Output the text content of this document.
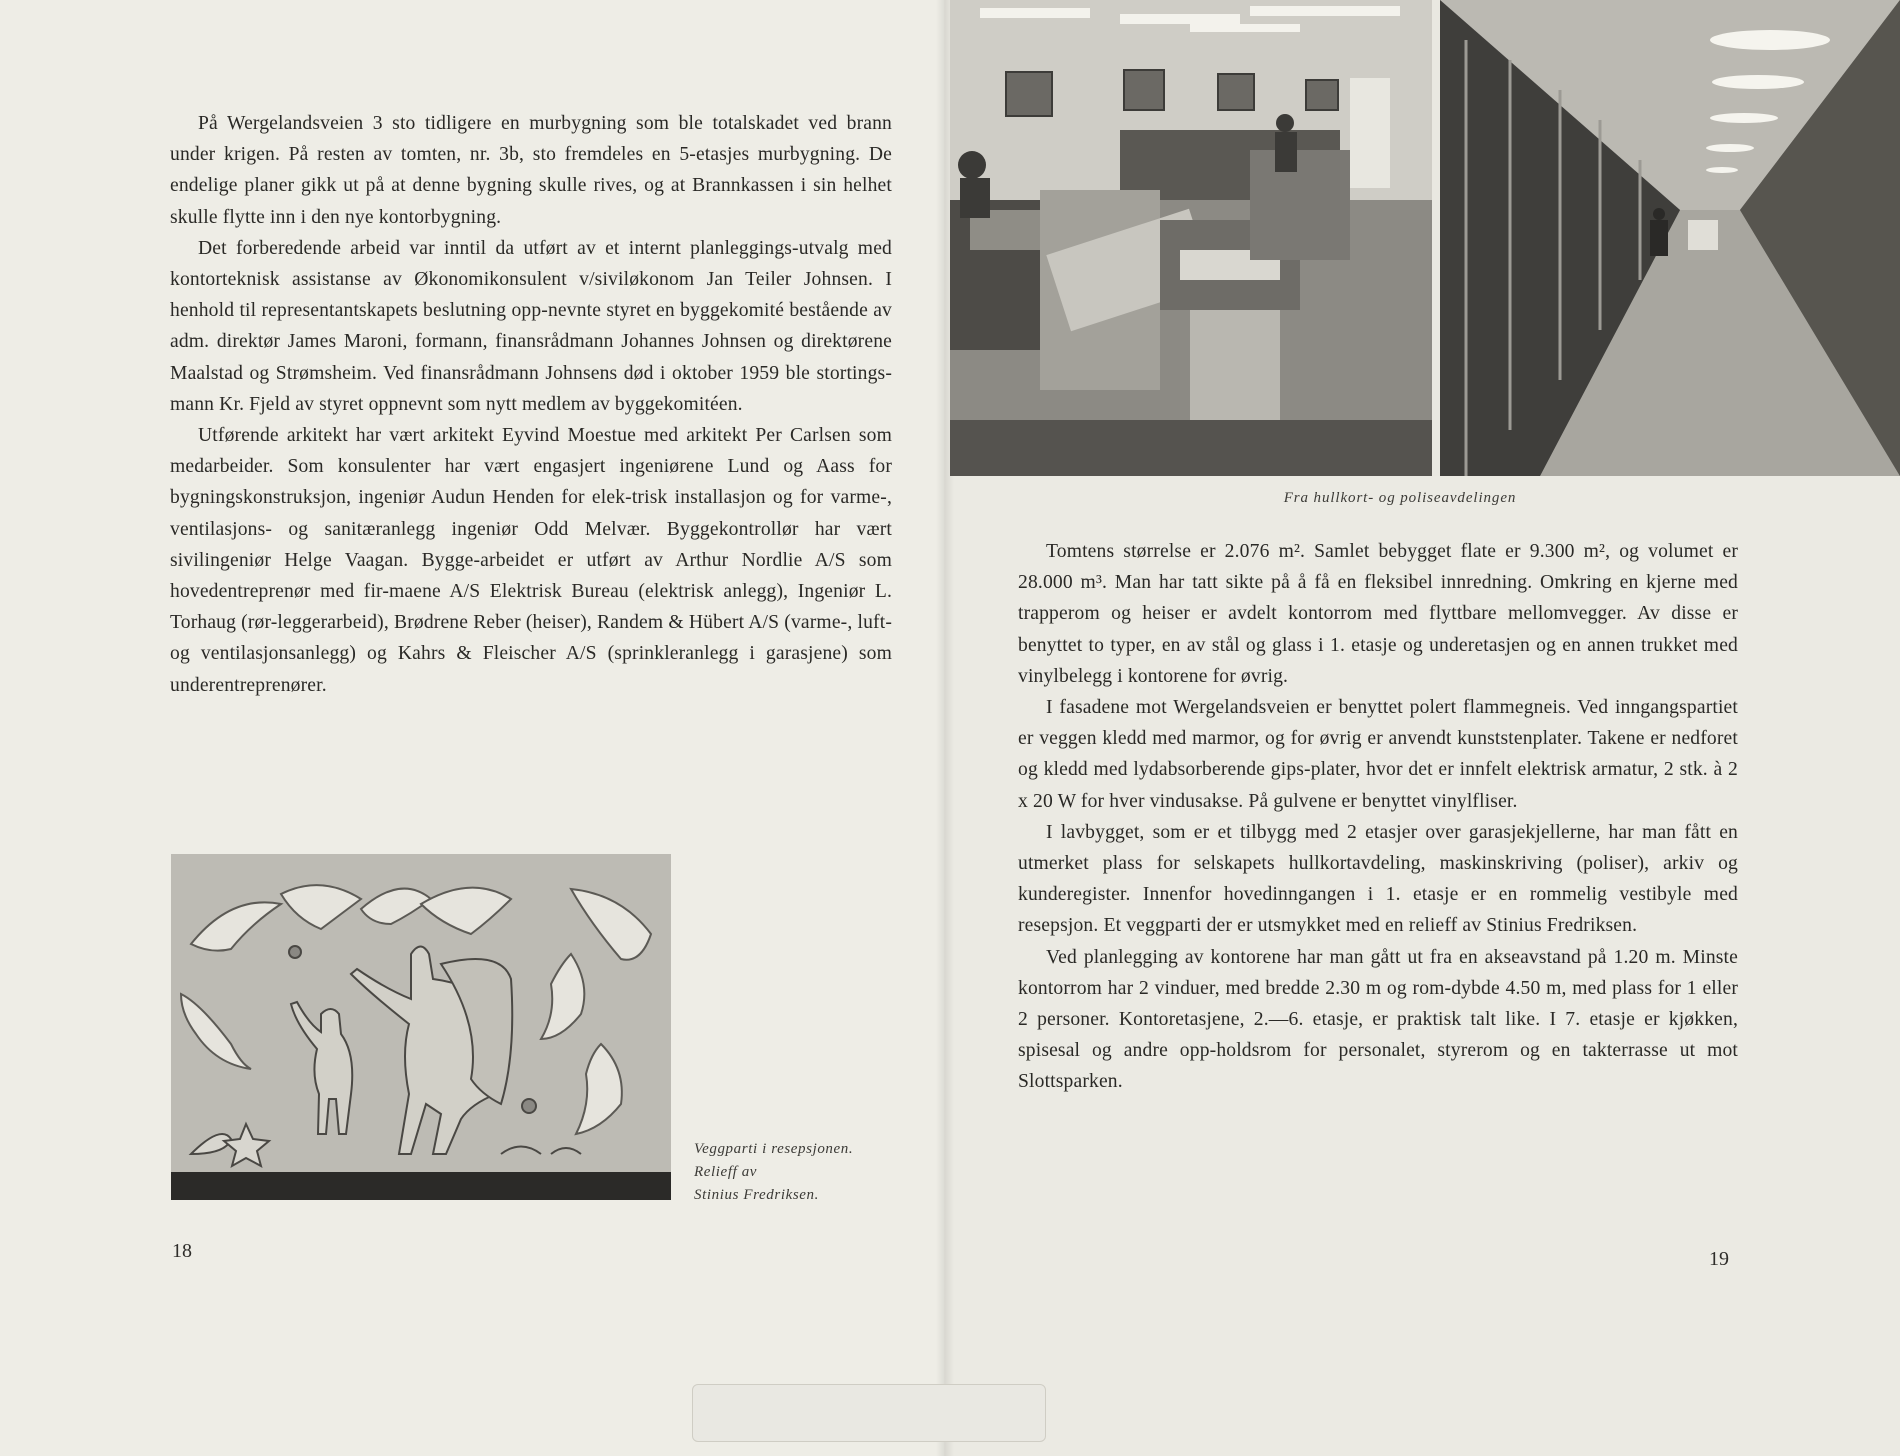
På Wergelandsveien 3 sto tidligere en murbygning som ble totalskadet ved brann under krigen. På resten av tomten, nr. 3b, sto fremdeles en 5-etasjes murbygning. De endelige planer gikk ut på at denne bygning skulle rives, og at Brannkassen i sin helhet skulle flytte inn i den nye kontorbygning.

Det forberedende arbeid var inntil da utført av et internt planleggings-utvalg med kontorteknisk assistanse av Økonomikonsulent v/siviløkonom Jan Teiler Johnsen. I henhold til representantskapets beslutning opp-nevnte styret en byggekomité bestående av adm. direktør James Maroni, formann, finansrådmann Johannes Johnsen og direktørene Maalstad og Strømsheim. Ved finansrådmann Johnsens død i oktober 1959 ble stortings-mann Kr. Fjeld av styret oppnevnt som nytt medlem av byggekomitéen.

Utførende arkitekt har vært arkitekt Eyvind Moestue med arkitekt Per Carlsen som medarbeider. Som konsulenter har vært engasjert ingeniørene Lund og Aass for bygningskonstruksjon, ingeniør Audun Henden for elek-trisk installasjon og for varme-, ventilasjons- og sanitæranlegg ingeniør Odd Melvær. Byggekontrollør har vært sivilingeniør Helge Vaagan. Bygge-arbeidet er utført av Arthur Nordlie A/S som hovedentreprenør med fir-maene A/S Elektrisk Bureau (elektrisk anlegg), Ingeniør L. Torhaug (rør-leggerarbeid), Brødrene Reber (heiser), Randem & Hübert A/S (varme-, luft- og ventilasjonsanlegg) og Kahrs & Fleischer A/S (sprinkleranlegg i garasjene) som underentreprenører.

Veggparti i resepsjonen.
Relieff av
Stinius Fredriksen.
18
Fra hullkort- og poliseavdelingen

Tomtens størrelse er 2.076 m². Samlet bebygget flate er 9.300 m², og volumet er 28.000 m³. Man har tatt sikte på å få en fleksibel innredning. Omkring en kjerne med trapperom og heiser er avdelt kontorrom med flyttbare mellomvegger. Av disse er benyttet to typer, en av stål og glass i 1. etasje og underetasjen og en annen trukket med vinylbelegg i kontorene for øvrig.

I fasadene mot Wergelandsveien er benyttet polert flammegneis. Ved inngangspartiet er veggen kledd med marmor, og for øvrig er anvendt kunststenplater. Takene er nedforet og kledd med lydabsorberende gips-plater, hvor det er innfelt elektrisk armatur, 2 stk. à 2 x 20 W for hver vindusakse. På gulvene er benyttet vinylfliser.

I lavbygget, som er et tilbygg med 2 etasjer over garasjekjellerne, har man fått en utmerket plass for selskapets hullkortavdeling, maskinskriving (poliser), arkiv og kunderegister. Innenfor hovedinngangen i 1. etasje er en rommelig vestibyle med resepsjon. Et veggparti der er utsmykket med en relieff av Stinius Fredriksen.

Ved planlegging av kontorene har man gått ut fra en akseavstand på 1.20 m. Minste kontorrom har 2 vinduer, med bredde 2.30 m og rom-dybde 4.50 m, med plass for 1 eller 2 personer. Kontoretasjene, 2.—6. etasje, er praktisk talt like. I 7. etasje er kjøkken, spisesal og andre opp-holdsrom for personalet, styrerom og en takterrasse ut mot Slottsparken.

19
